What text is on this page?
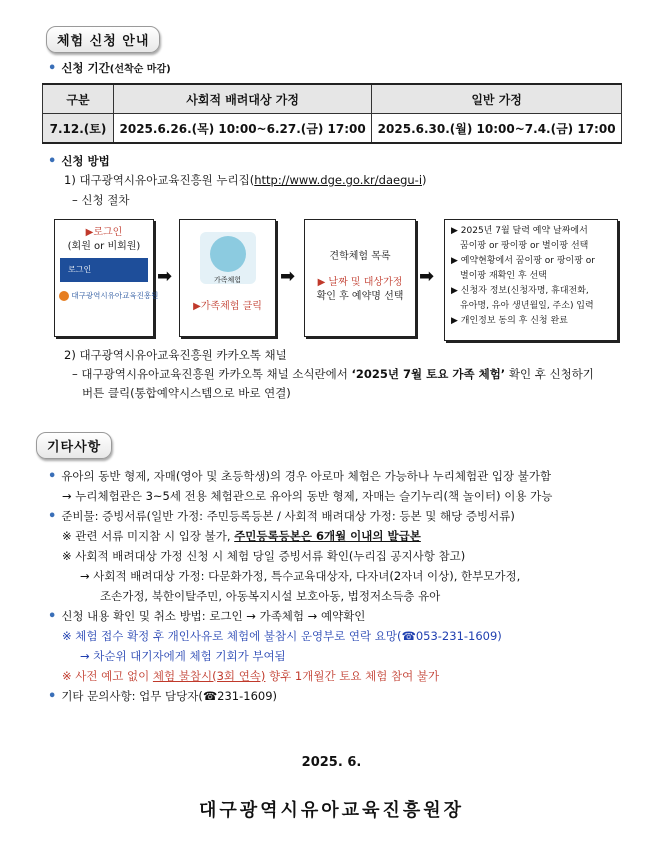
체험 신청 안내
• 신청 기간(선착순 마감)
구분	사회적 배려대상 가정	일반 가정
7.12.(토)	2025.6.26.(목) 10:00~6.27.(금) 17:00	2025.6.30.(월) 10:00~7.4.(금) 17:00
• 신청 방법
1) 대구광역시유아교육진흥원 누리집(http://www.dge.go.kr/daegu-i)
– 신청 절차
▶로그인
(회원 or 비회원)
로그인
대구광역시유아교육진흥원
➡	가족체험
▶가족체험 클릭
➡
견학체험 목록
▶ 날짜 및 대상가정
확인 후 예약명 선택
➡
▶ 2025년 7월 달력 예약 날짜에서
꿈이팡 or 팡이팡 or 별이팡 선택
▶ 예약현황에서 꿈이팡 or 팡이팡 or
별이팡 재확인 후 선택
▶ 신청자 정보(신청자명, 휴대전화,
유아명, 유아 생년월일, 주소) 입력
▶ 개인정보 동의 후 신청 완료
2) 대구광역시유아교육진흥원 카카오톡 채널
– 대구광역시유아교육진흥원 카카오톡 채널 소식란에서 ‘2025년 7월 토요 가족 체험’ 확인 후 신청하기
버튼 클릭(통합예약시스템으로 바로 연결)
기타사항
• 유아의 동반 형제, 자매(영아 및 초등학생)의 경우 아로마 체험은 가능하나 누리체험관 입장 불가함
→ 누리체험관은 3~5세 전용 체험관으로 유아의 동반 형제, 자매는 슬기누리(책 놀이터) 이용 가능
• 준비물: 증빙서류(일반 가정: 주민등록등본 / 사회적 배려대상 가정: 등본 및 해당 증빙서류)
※ 관련 서류 미지참 시 입장 불가, 주민등록등본은 6개월 이내의 발급본
※ 사회적 배려대상 가정 신청 시 체험 당일 증빙서류 확인(누리집 공지사항 참고)
→ 사회적 배려대상 가정: 다문화가정, 특수교육대상자, 다자녀(2자녀 이상), 한부모가정,
조손가정, 북한이탈주민, 아동복지시설 보호아동, 법정저소득층 유아
• 신청 내용 확인 및 취소 방법: 로그인 → 가족체험 → 예약확인
※ 체험 접수 확정 후 개인사유로 체험에 불참시 운영부로 연락 요망(☎053-231-1609)
→ 차순위 대기자에게 체험 기회가 부여됨
※ 사전 예고 없이 체험 불참시(3회 연속) 향후 1개월간 토요 체험 참여 불가
• 기타 문의사항: 업무 담당자(☎231-1609)
2025. 6.
대구광역시유아교육진흥원장
